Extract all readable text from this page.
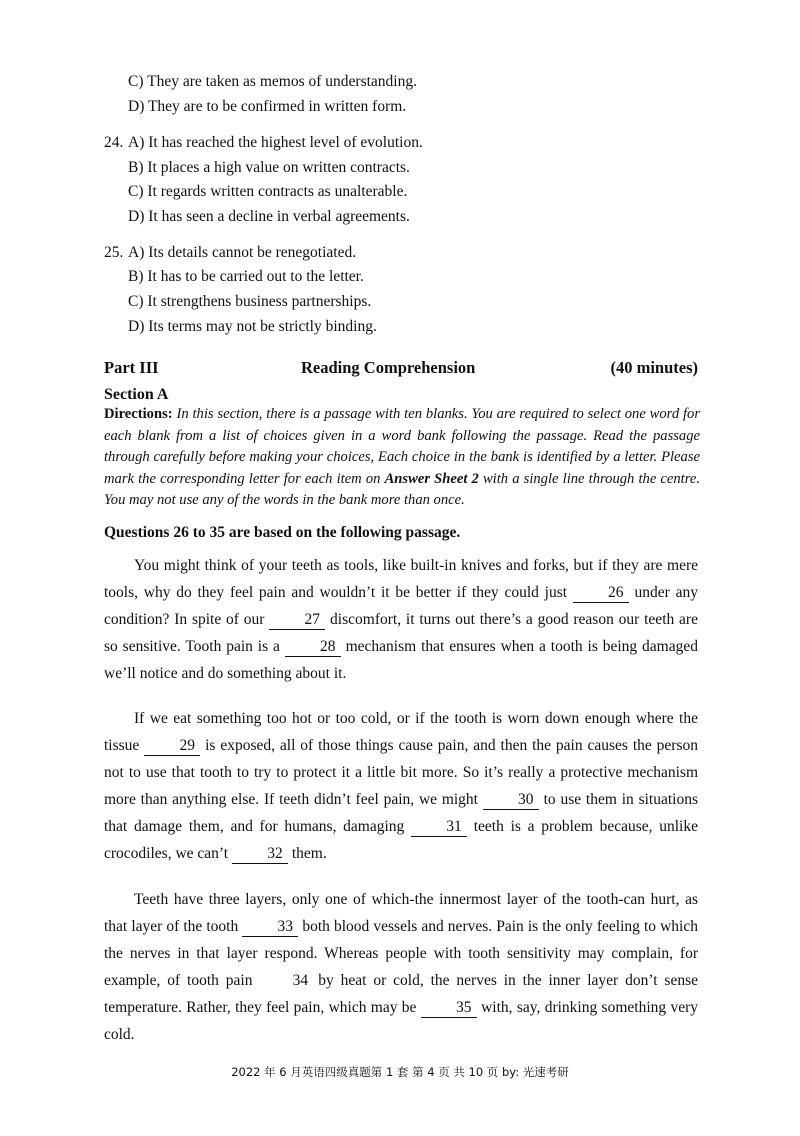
C) They are taken as memos of understanding.
D) They are to be confirmed in written form.
24. A) It has reached the highest level of evolution.
B) It places a high value on written contracts.
C) It regards written contracts as unalterable.
D) It has seen a decline in verbal agreements.
25. A) Its details cannot be renegotiated.
B) It has to be carried out to the letter.
C) It strengthens business partnerships.
D) Its terms may not be strictly binding.
Part III	Reading Comprehension	(40 minutes)
Section A
Directions: In this section, there is a passage with ten blanks. You are required to select one word for each blank from a list of choices given in a word bank following the passage. Read the passage through carefully before making your choices, Each choice in the bank is identified by a letter. Please mark the corresponding letter for each item on Answer Sheet 2 with a single line through the centre. You may not use any of the words in the bank more than once.
Questions 26 to 35 are based on the following passage.
You might think of your teeth as tools, like built-in knives and forks, but if they are mere tools, why do they feel pain and wouldn’t it be better if they could just 26 under any condition? In spite of our 27 discomfort, it turns out there’s a good reason our teeth are so sensitive. Tooth pain is a 28 mechanism that ensures when a tooth is being damaged we’ll notice and do something about it.
If we eat something too hot or too cold, or if the tooth is worn down enough where the tissue 29 is exposed, all of those things cause pain, and then the pain causes the person not to use that tooth to try to protect it a little bit more. So it’s really a protective mechanism more than anything else. If teeth didn’t feel pain, we might 30 to use them in situations that damage them, and for humans, damaging 31 teeth is a problem because, unlike crocodiles, we can’t 32 them.
Teeth have three layers, only one of which-the innermost layer of the tooth-can hurt, as that layer of the tooth 33 both blood vessels and nerves. Pain is the only feeling to which the nerves in that layer respond. Whereas people with tooth sensitivity may complain, for example, of tooth pain 34 by heat or cold, the nerves in the inner layer don’t sense temperature. Rather, they feel pain, which may be 35 with, say, drinking something very cold.
2022 年 6 月英语四级真题第 1 套 第 4 页 共 10 页 by: 光速考研
